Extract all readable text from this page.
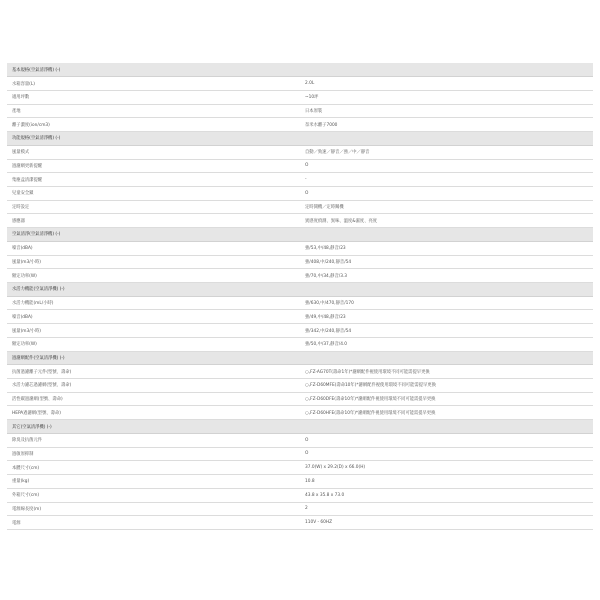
基本規格(空氣清淨機) (-)	
水箱容量(L)	2.0L
適用坪數	~10坪
產地	日本原裝
離子濃度(ion/cm3)	奈米水離子7000
功能規格(空氣清淨機) (-)	
風量模式	自動／勁速／靜音／強／中／靜音
過濾網更新提醒	O
集塵盒清潔提醒	-
兒童安全鎖	O
定時設定	定時開機／定時關機
感應器	異感度偵測、異味、溫度&濕度、亮度
空氣清淨(空氣清淨機) (-)	
噪音(dBA)	強/53,中/48,靜音/23
風量(m3/小時)	強/408,中/240,靜音/54
額定功率(W)	強/70,中/34,靜音/3.3
水活力機能(空氣清淨機) (-)	
水活力機能(mL/小時)	強/630,中/470,靜音/170
噪音(dBA)	強/49,中/48,靜音/23
風量(m3/小時)	強/342,中/240,靜音/54
額定功率(W)	強/50,中/37,靜音/4.0
過濾網配件(空氣清淨機) (-)	
抗菌過濾離子元件(型號、壽命)	○,FZ-AG70T(壽命1年)*濾網配件視使用環境不同可能需提早更換
水活力濾芯過濾網(型號、壽命)	○,FZ-D60MFE(壽命10年)*濾網配件視使用環境不同可能需提早更換
活性碳過濾網(型號、壽命)	○,FZ-D60DFE(壽命10年)*濾網配件視使用環境不同可能需提早更換
HEPA過濾網(型號、壽命)	○,FZ-D60HFE(壽命10年)*濾網配件視使用環境不同可能需提早更換
其它(空氣清淨機) (-)	
除臭及抗菌元件	O
過敏原抑制	O
本體尺寸(cm)	37.0(W) x 29.2(D) x 66.0(H)
重量(kg)	10.8
外箱尺寸(cm)	43.8 x 35.8 x 73.0
電源線長度(m)	2
電源	110V - 60HZ
